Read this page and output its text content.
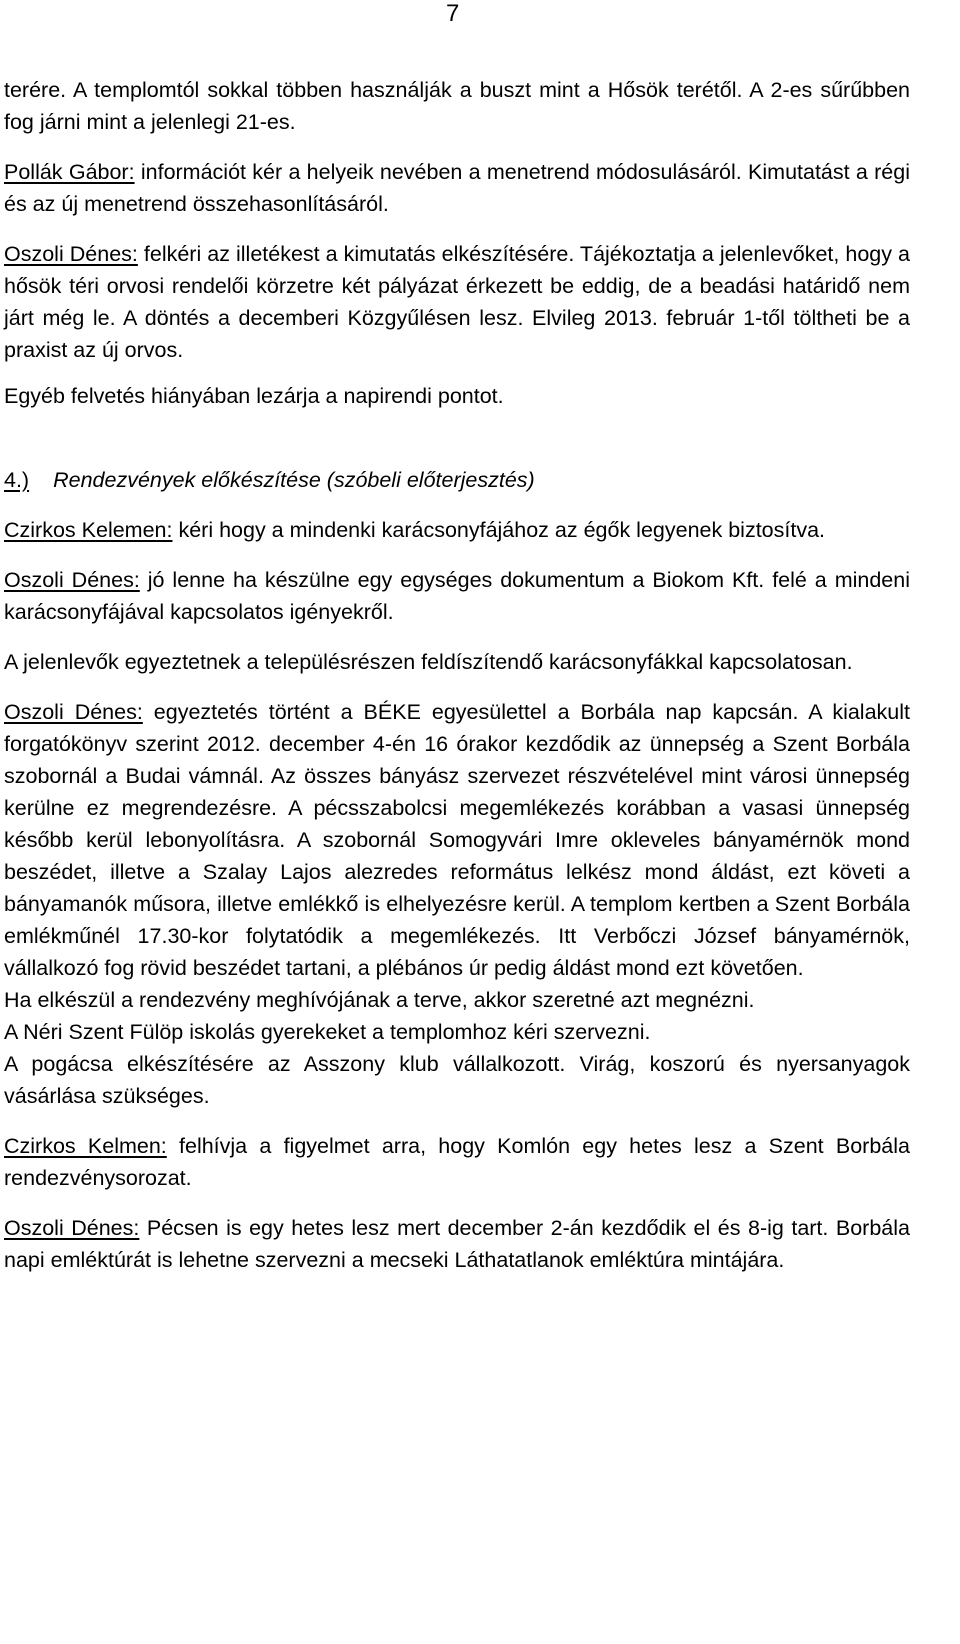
7

terére. A templomtól sokkal többen használják a buszt mint a Hősök terétől. A 2-es sűrűbben fog járni mint a jelenlegi 21-es.

Pollák Gábor: információt kér a helyeik nevében a menetrend módosulásáról. Kimutatást a régi és az új menetrend összehasonlításáról.

Oszoli Dénes: felkéri az illetékest a kimutatás elkészítésére. Tájékoztatja a jelenlevőket, hogy a hősök téri orvosi rendelői körzetre két pályázat érkezett be eddig, de a beadási határidő nem járt még le. A döntés a decemberi Közgyűlésen lesz. Elvileg 2013. február 1-től töltheti be a praxist az új orvos.

Egyéb felvetés hiányában lezárja a napirendi pontot.

4.) Rendezvények előkészítése (szóbeli előterjesztés)

Czirkos Kelemen: kéri hogy a mindenki karácsonyfájához az égők legyenek biztosítva.

Oszoli Dénes: jó lenne ha készülne egy egységes dokumentum a Biokom Kft. felé a mindeni karácsonyfájával kapcsolatos igényekről.

A jelenlevők egyeztetnek a településrészen feldíszítendő karácsonyfákkal kapcsolatosan.

Oszoli Dénes: egyeztetés történt a BÉKE egyesülettel a Borbála nap kapcsán. A kialakult forgatókönyv szerint 2012. december 4-én 16 órakor kezdődik az ünnepség a Szent Borbála szobornál a Budai vámnál. Az összes bányász szervezet részvételével mint városi ünnepség kerülne ez megrendezésre. A pécsszabolcsi megemlékezés korábban a vasasi ünnepség később kerül lebonyolításra. A szobornál Somogyvári Imre okleveles bányamérnök mond beszédet, illetve a Szalay Lajos alezredes református lelkész mond áldást, ezt követi a bányamanók műsora, illetve emlékkő is elhelyezésre kerül. A templom kertben a Szent Borbála emlékműnél 17.30-kor folytatódik a megemlékezés. Itt Verbőczi József bányamérnök, vállalkozó fog rövid beszédet tartani, a plébános úr pedig áldást mond ezt követően.

Ha elkészül a rendezvény meghívójának a terve, akkor szeretné azt megnézni.

A Néri Szent Fülöp iskolás gyerekeket a templomhoz kéri szervezni.

A pogácsa elkészítésére az Asszony klub vállalkozott. Virág, koszorú és nyersanyagok vásárlása szükséges.

Czirkos Kelmen: felhívja a figyelmet arra, hogy Komlón egy hetes lesz a Szent Borbála rendezvénysorozat.

Oszoli Dénes: Pécsen is egy hetes lesz mert december 2-án kezdődik el és 8-ig tart. Borbála napi emléktúrát is lehetne szervezni a mecseki Láthatatlanok emléktúra mintájára.
